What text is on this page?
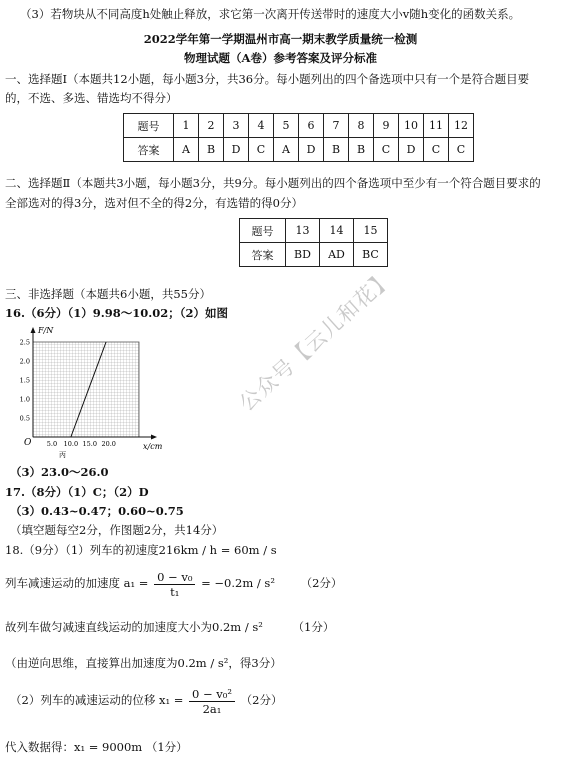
（3）若物块从不同高度h处触止释放，求它第一次离开传送带时的速度大小v随h变化的函数关系。
2022学年第一学期温州市高一期末教学质量统一检测
物理试题（A卷）参考答案及评分标准
一、选择题Ⅰ（本题共12小题，每小题3分，共36分。每小题列出的四个备选项中只有一个是符合题目要
的，不选、多选、错选均不得分）
题号	1	2	3	4	5	6	7	8	9	10	11	12
答案	A	B	D	C	A	D	B	B	C	D	C	C
二、选择题Ⅱ（本题共3小题，每小题3分，共9分。每小题列出的四个备选项中至少有一个符合题目要求的
全部选对的得3分，选对但不全的得2分，有选错的得0分）
题号	13	14	15
答案	BD	AD	BC
三、非选择题（本题共6小题，共55分）
16.（6分）（1）9.98～10.02；（2）如图
2.5
2.0
1.5
1.0
0.5
5.0 10.0 15.0 20.0
F/N
x/cm
O
丙
公众号【云儿和花】
（3）23.0～26.0
17.（8分）（1）C；（2）D
（3）0.43~0.47；0.60~0.75
（填空题每空2分，作图题2分，共14分）
18.（9分）（1）列车的初速度216km / h = 60m / s
列车减速运动的加速度 $a_1 = \frac{\text{0 − v₀}}{\text{t₁}} = -0.2m / s^2$ （2分）
故列车做匀减速直线运动的加速度大小为0.2m / s²	（1分）
（由逆向思维，直接算出加速度为0.2m / s²，得3分）
（2）列车的减速运动的位移 $x_1 = \frac{\text{0 − v₀²}}{\text{2a₁}} (2$分）
代入数据得：x₁ = 9000m （1分）
